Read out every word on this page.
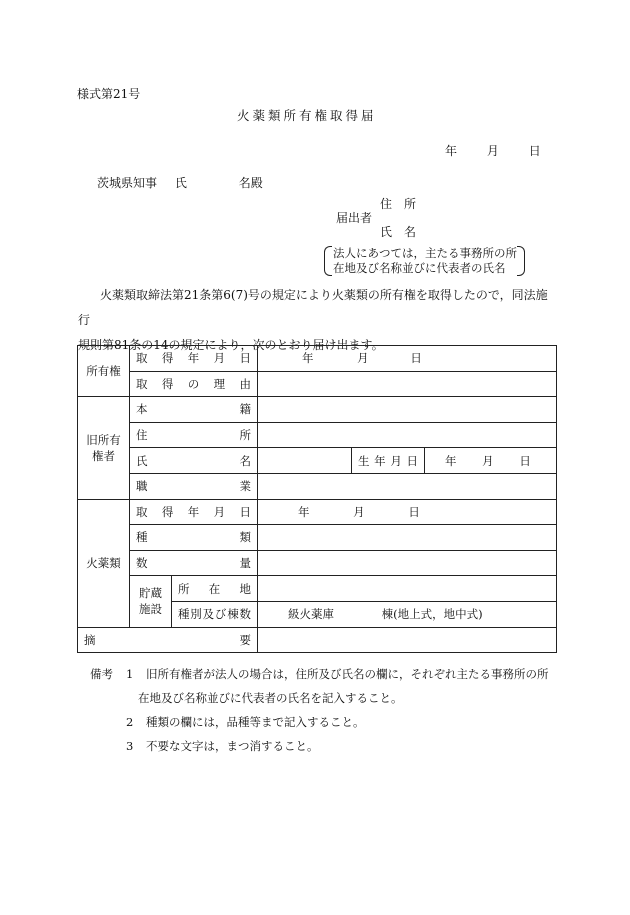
様式第21号
火薬類所有権取得届
年 月 日
茨城県知事 氏	名殿
住所
届出者
氏名
法人にあつては，主たる事務所の所
在地及び名称並びに代表者の氏名

火薬類取締法第21条第6(7)号の規定により火薬類の所有権を取得したので，同法施行

規則第81条の14の規定により，次のとおり届け出ます。
所有権	取得年月日		年 月 日		
	取得の理由				

旧所有
権者	本籍				
	住所				
	氏名			生年月日	年 月 日
	職業				
火薬類	取得年月日		年 月 日		
	種類				
	数量				

	貯蔵
施設	所在地			
		種別及び棟数	級火薬庫 棟(地上式，地中式)		
摘要					
備考 1 旧所有権者が法人の場合は，住所及び氏名の欄に，それぞれ主たる事務所の所
在地及び名称並びに代表者の氏名を記入すること。
2 種類の欄には，品種等まで記入すること。
3 不要な文字は，まつ消すること。
